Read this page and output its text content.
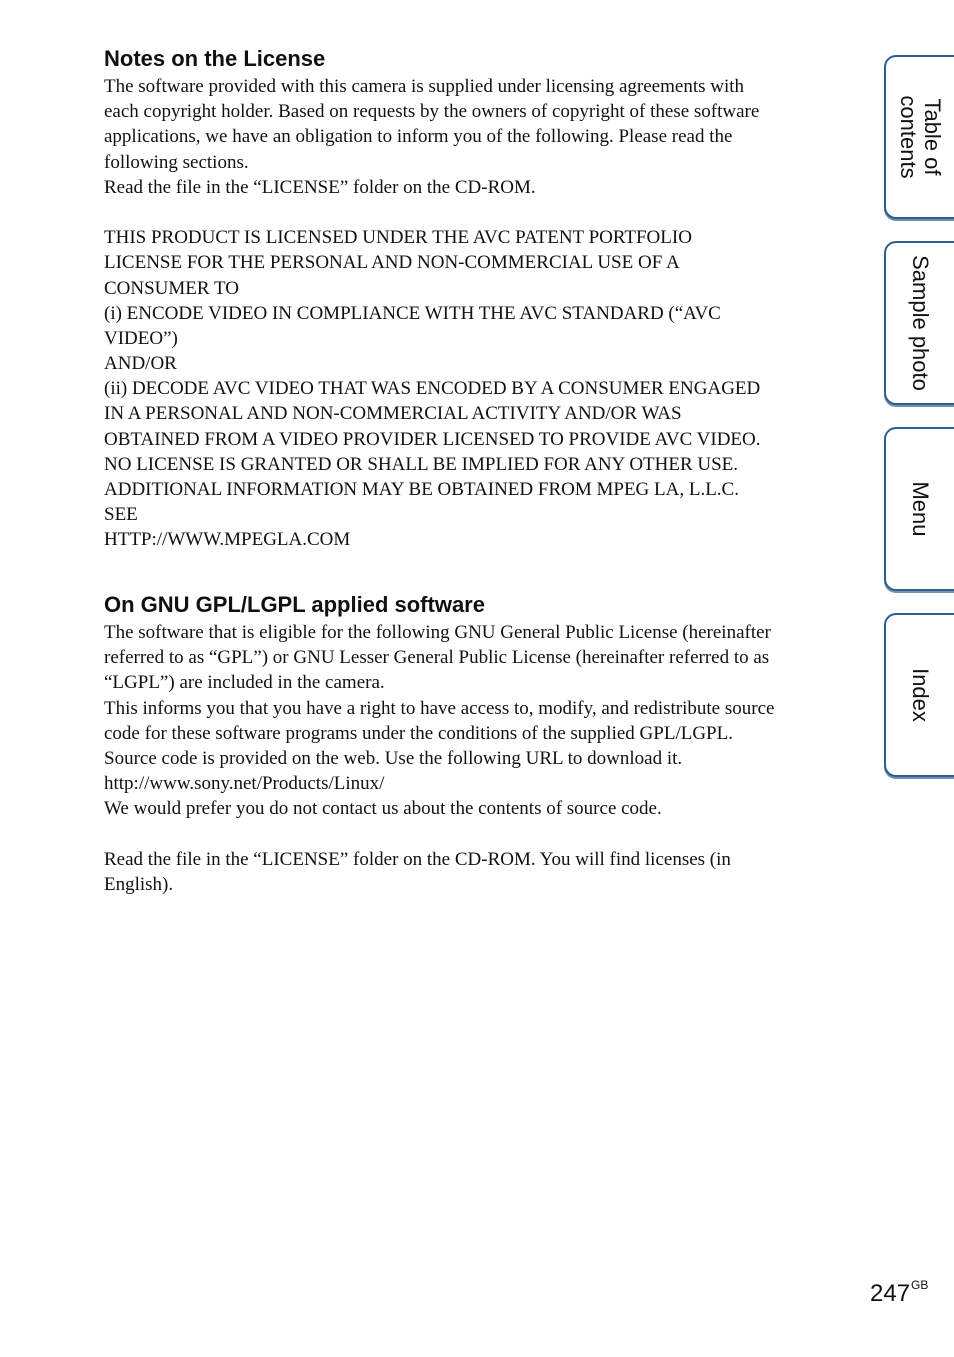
Notes on the License
The software provided with this camera is supplied under licensing agreements with
each copyright holder. Based on requests by the owners of copyright of these software
applications, we have an obligation to inform you of the following. Please read the
following sections.
Read the file in the “LICENSE” folder on the CD-ROM.
THIS PRODUCT IS LICENSED UNDER THE AVC PATENT PORTFOLIO
LICENSE FOR THE PERSONAL AND NON-COMMERCIAL USE OF A
CONSUMER TO
(i) ENCODE VIDEO IN COMPLIANCE WITH THE AVC STANDARD (“AVC
VIDEO”)
AND/OR
(ii) DECODE AVC VIDEO THAT WAS ENCODED BY A CONSUMER ENGAGED
IN A PERSONAL AND NON-COMMERCIAL ACTIVITY AND/OR WAS
OBTAINED FROM A VIDEO PROVIDER LICENSED TO PROVIDE AVC VIDEO.
NO LICENSE IS GRANTED OR SHALL BE IMPLIED FOR ANY OTHER USE.
ADDITIONAL INFORMATION MAY BE OBTAINED FROM MPEG LA, L.L.C.
SEE
HTTP://WWW.MPEGLA.COM
On GNU GPL/LGPL applied software
The software that is eligible for the following GNU General Public License (hereinafter
referred to as “GPL”) or GNU Lesser General Public License (hereinafter referred to as
“LGPL”) are included in the camera.
This informs you that you have a right to have access to, modify, and redistribute source
code for these software programs under the conditions of the supplied GPL/LGPL.
Source code is provided on the web. Use the following URL to download it.
http://www.sony.net/Products/Linux/
We would prefer you do not contact us about the contents of source code.
Read the file in the “LICENSE” folder on the CD-ROM. You will find licenses (in
English).
Table of
contents
Sample photo
Menu
Index
$247^{GB}$
